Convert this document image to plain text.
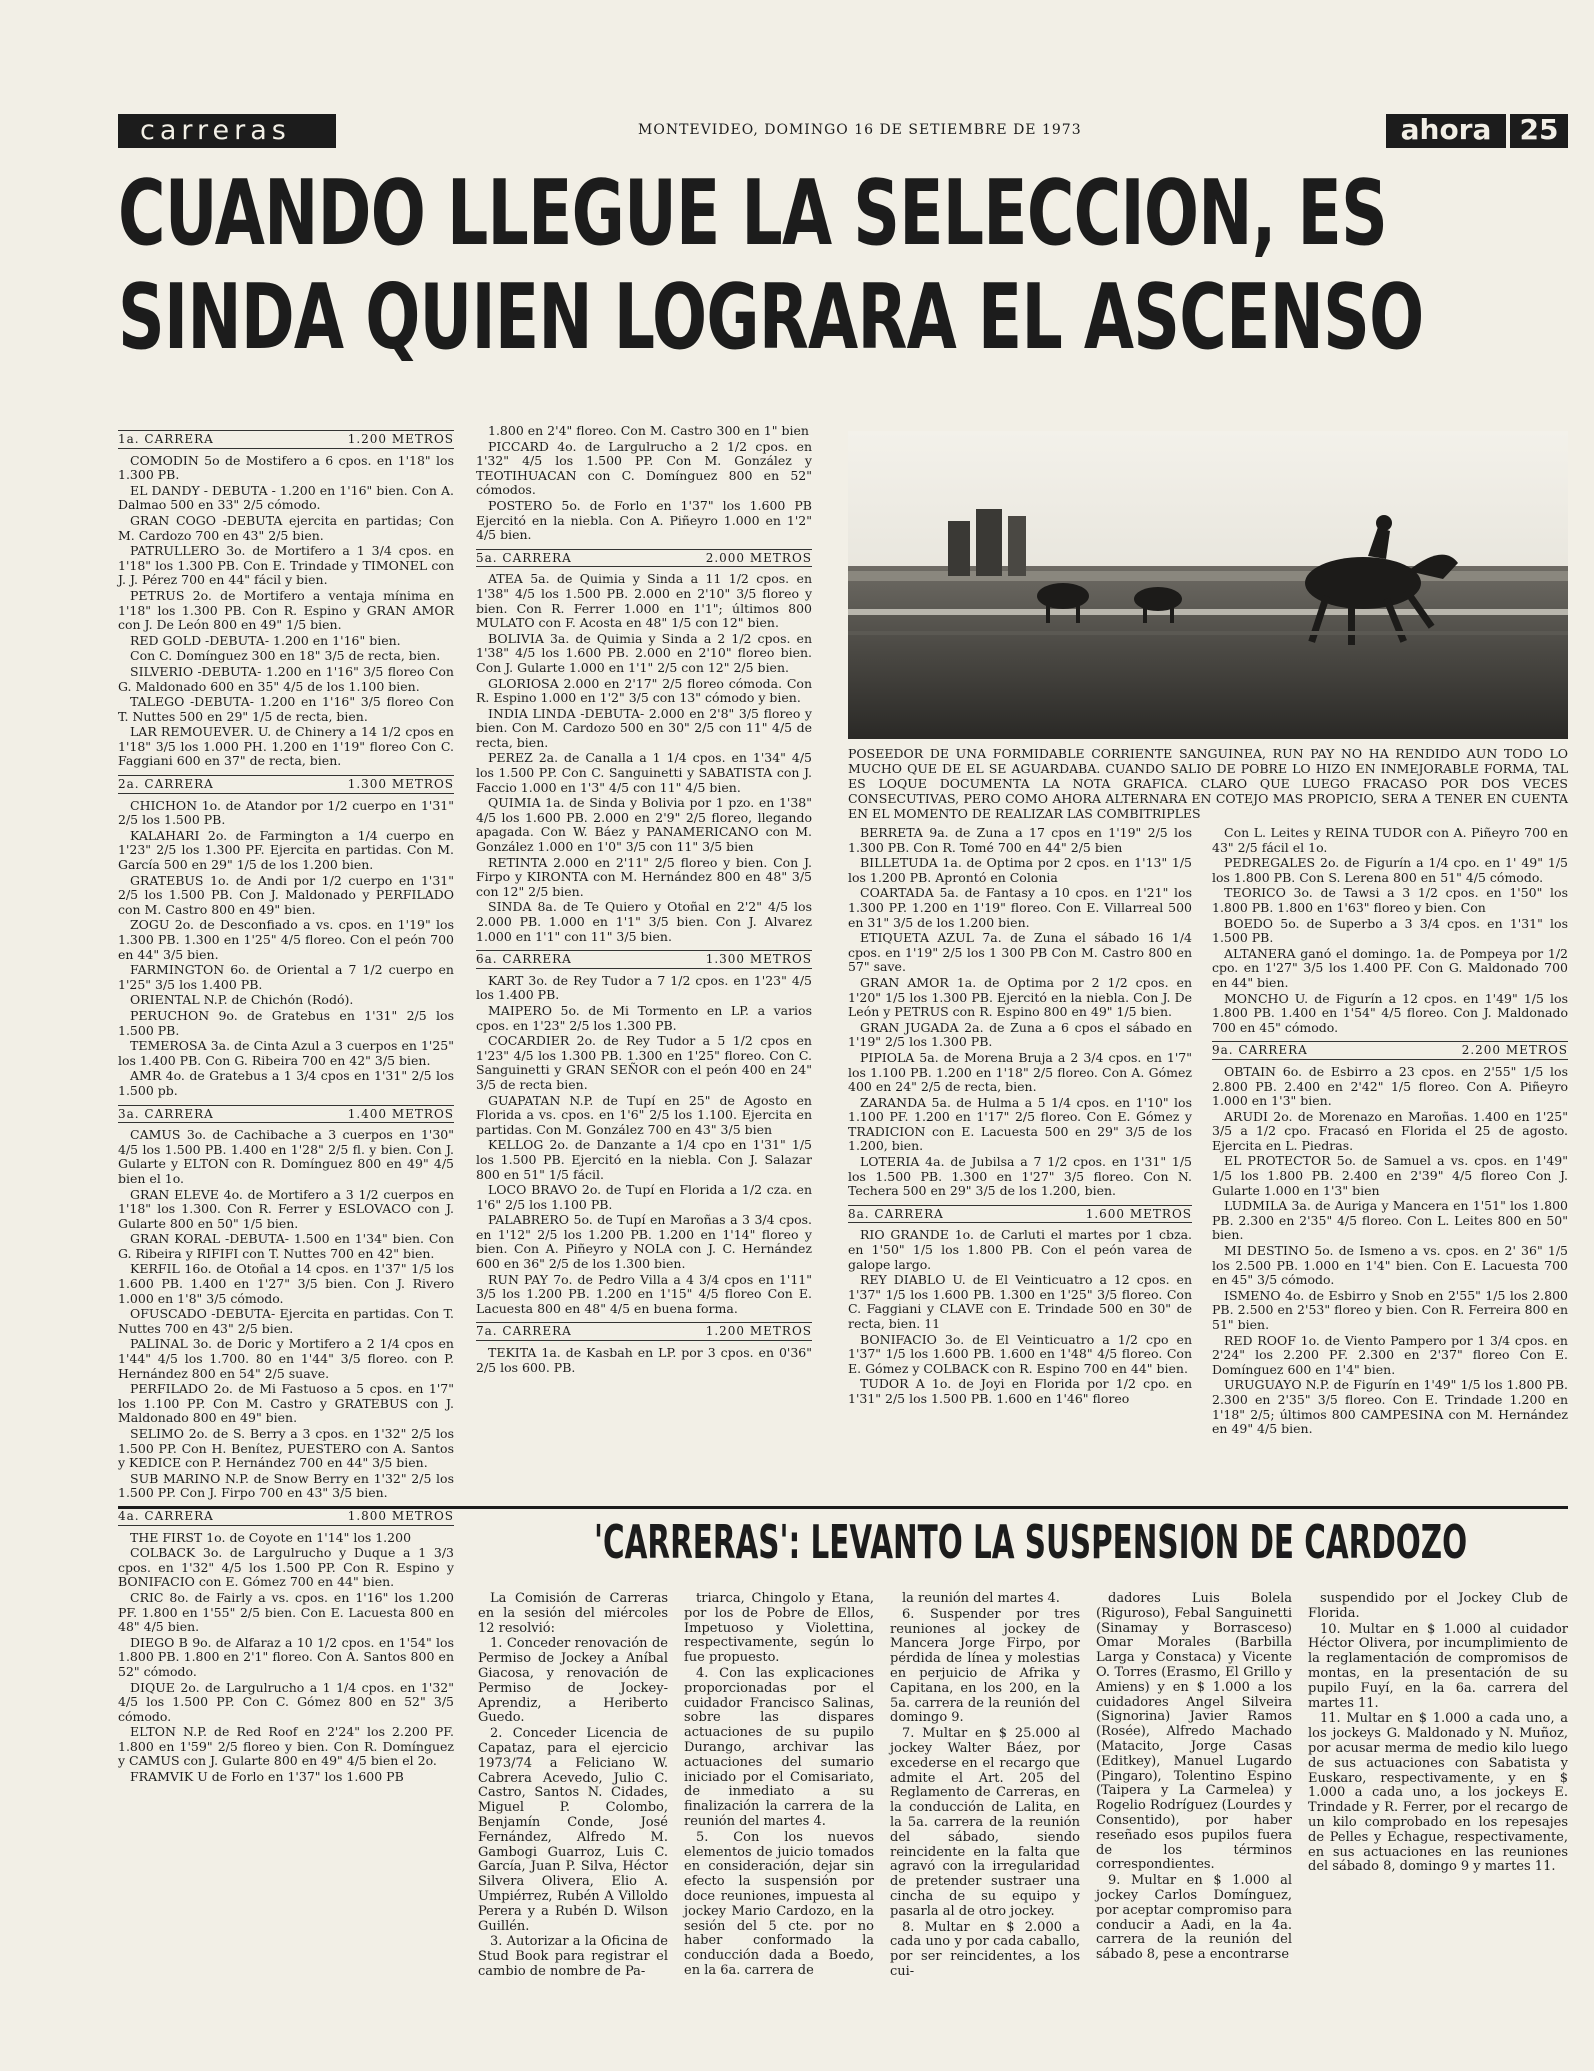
carreras	MONTEVIDEO, DOMINGO 16 DE SETIEMBRE DE 1973	ahora	25
CUANDO LLEGUE LA SELECCION, ES
SINDA QUIEN LOGRARA EL ASCENSO
1a. CARRERA	1.200 METROS

COMODIN 5o de Mostifero a 6 cpos. en 1'18" los 1.300 PB.

EL DANDY - DEBUTA - 1.200 en 1'16" bien. Con A. Dalmao 500 en 33" 2/5 cómodo.

GRAN COGO -DEBUTA ejercita en partidas; Con M. Cardozo 700 en 43" 2/5 bien.

PATRULLERO 3o. de Mortifero a 1 3/4 cpos. en 1'18" los 1.300 PB. Con E. Trindade y TIMONEL con J. J. Pérez 700 en 44" fácil y bien.

PETRUS 2o. de Mortifero a ventaja mínima en 1'18" los 1.300 PB. Con R. Espino y GRAN AMOR con J. De León 800 en 49" 1/5 bien.

RED GOLD -DEBUTA- 1.200 en 1'16" bien.

Con C. Domínguez 300 en 18" 3/5 de recta, bien.

SILVERIO -DEBUTA- 1.200 en 1'16" 3/5 floreo Con G. Maldonado 600 en 35" 4/5 de los 1.100 bien.

TALEGO -DEBUTA- 1.200 en 1'16" 3/5 floreo Con T. Nuttes 500 en 29" 1/5 de recta, bien.

LAR REMOUEVER. U. de Chinery a 14 1/2 cpos en 1'18" 3/5 los 1.000 PH. 1.200 en 1'19" floreo Con C. Faggiani 600 en 37" de recta, bien.

2a. CARRERA	1.300 METROS

CHICHON 1o. de Atandor por 1/2 cuerpo en 1'31" 2/5 los 1.500 PB.

KALAHARI 2o. de Farmington a 1/4 cuerpo en 1'23" 2/5 los 1.300 PF. Ejercita en partidas. Con M. García 500 en 29" 1/5 de los 1.200 bien.

GRATEBUS 1o. de Andi por 1/2 cuerpo en 1'31" 2/5 los 1.500 PB. Con J. Maldonado y PERFILADO con M. Castro 800 en 49" bien.

ZOGU 2o. de Desconfiado a vs. cpos. en 1'19" los 1.300 PB. 1.300 en 1'25" 4/5 floreo. Con el peón 700 en 44" 3/5 bien.

FARMINGTON 6o. de Oriental a 7 1/2 cuerpo en 1'25" 3/5 los 1.400 PB.

ORIENTAL N.P. de Chichón (Rodó).

PERUCHON 9o. de Gratebus en 1'31" 2/5 los 1.500 PB.

TEMEROSA 3a. de Cinta Azul a 3 cuerpos en 1'25" los 1.400 PB. Con G. Ribeira 700 en 42" 3/5 bien.

AMR 4o. de Gratebus a 1 3/4 cpos en 1'31" 2/5 los 1.500 pb.

3a. CARRERA	1.400 METROS

CAMUS 3o. de Cachibache a 3 cuerpos en 1'30" 4/5 los 1.500 PB. 1.400 en 1'28" 2/5 fl. y bien. Con J. Gularte y ELTON con R. Domínguez 800 en 49" 4/5 bien el 1o.

GRAN ELEVE 4o. de Mortifero a 3 1/2 cuerpos en 1'18" los 1.300. Con R. Ferrer y ESLOVACO con J. Gularte 800 en 50" 1/5 bien.

GRAN KORAL -DEBUTA- 1.500 en 1'34" bien. Con G. Ribeira y RIFIFI con T. Nuttes 700 en 42" bien.

KERFIL 16o. de Otoñal a 14 cpos. en 1'37" 1/5 los 1.600 PB. 1.400 en 1'27" 3/5 bien. Con J. Rivero 1.000 en 1'8" 3/5 cómodo.

OFUSCADO -DEBUTA- Ejercita en partidas. Con T. Nuttes 700 en 43" 2/5 bien.

PALINAL 3o. de Doric y Mortifero a 2 1/4 cpos en 1'44" 4/5 los 1.700. 80 en 1'44" 3/5 floreo. con P. Hernández 800 en 54" 2/5 suave.

PERFILADO 2o. de Mi Fastuoso a 5 cpos. en 1'7" los 1.100 PP. Con M. Castro y GRATEBUS con J. Maldonado 800 en 49" bien.

SELIMO 2o. de S. Berry a 3 cpos. en 1'32" 2/5 los 1.500 PP. Con H. Benítez, PUESTERO con A. Santos y KEDICE con P. Hernández 700 en 44" 3/5 bien.

SUB MARINO N.P. de Snow Berry en 1'32" 2/5 los 1.500 PP. Con J. Firpo 700 en 43" 3/5 bien.

4a. CARRERA	1.800 METROS

THE FIRST 1o. de Coyote en 1'14" los 1.200

COLBACK 3o. de Largulrucho y Duque a 1 3/3 cpos. en 1'32" 4/5 los 1.500 PP. Con R. Espino y BONIFACIO con E. Gómez 700 en 44" bien.

CRIC 8o. de Fairly a vs. cpos. en 1'16" los 1.200 PF. 1.800 en 1'55" 2/5 bien. Con E. Lacuesta 800 en 48" 4/5 bien.

DIEGO B 9o. de Alfaraz a 10 1/2 cpos. en 1'54" los 1.800 PB. 1.800 en 2'1" floreo. Con A. Santos 800 en 52" cómodo.

DIQUE 2o. de Largulrucho a 1 1/4 cpos. en 1'32" 4/5 los 1.500 PP. Con C. Gómez 800 en 52" 3/5 cómodo.

ELTON N.P. de Red Roof en 2'24" los 2.200 PF. 1.800 en 1'59" 2/5 floreo y bien. Con R. Domínguez y CAMUS con J. Gularte 800 en 49" 4/5 bien el 2o.

FRAMVIK U de Forlo en 1'37" los 1.600 PB

1.800 en 2'4" floreo. Con M. Castro 300 en 1" bien

PICCARD 4o. de Largulrucho a 2 1/2 cpos. en 1'32" 4/5 los 1.500 PP. Con M. González y TEOTIHUACAN con C. Domínguez 800 en 52" cómodos.

POSTERO 5o. de Forlo en 1'37" los 1.600 PB Ejercitó en la niebla. Con A. Piñeyro 1.000 en 1'2" 4/5 bien.

5a. CARRERA	2.000 METROS

ATEA 5a. de Quimia y Sinda a 11 1/2 cpos. en 1'38" 4/5 los 1.500 PB. 2.000 en 2'10" 3/5 floreo y bien. Con R. Ferrer 1.000 en 1'1"; últimos 800 MULATO con F. Acosta en 48" 1/5 con 12" bien.

BOLIVIA 3a. de Quimia y Sinda a 2 1/2 cpos. en 1'38" 4/5 los 1.600 PB. 2.000 en 2'10" floreo bien. Con J. Gularte 1.000 en 1'1" 2/5 con 12" 2/5 bien.

GLORIOSA 2.000 en 2'17" 2/5 floreo cómoda. Con R. Espino 1.000 en 1'2" 3/5 con 13" cómodo y bien.

INDIA LINDA -DEBUTA- 2.000 en 2'8" 3/5 floreo y bien. Con M. Cardozo 500 en 30" 2/5 con 11" 4/5 de recta, bien.

PEREZ 2a. de Canalla a 1 1/4 cpos. en 1'34" 4/5 los 1.500 PP. Con C. Sanguinetti y SABATISTA con J. Faccio 1.000 en 1'3" 4/5 con 11" 4/5 bien.

QUIMIA 1a. de Sinda y Bolivia por 1 pzo. en 1'38" 4/5 los 1.600 PB. 2.000 en 2'9" 2/5 floreo, llegando apagada. Con W. Báez y PANAMERICANO con M. González 1.000 en 1'0" 3/5 con 11" 3/5 bien

RETINTA 2.000 en 2'11" 2/5 floreo y bien. Con J. Firpo y KIRONTA con M. Hernández 800 en 48" 3/5 con 12" 2/5 bien.

SINDA 8a. de Te Quiero y Otoñal en 2'2" 4/5 los 2.000 PB. 1.000 en 1'1" 3/5 bien. Con J. Alvarez 1.000 en 1'1" con 11" 3/5 bien.

6a. CARRERA	1.300 METROS

KART 3o. de Rey Tudor a 7 1/2 cpos. en 1'23" 4/5 los 1.400 PB.

MAIPERO 5o. de Mi Tormento en LP. a varios cpos. en 1'23" 2/5 los 1.300 PB.

COCARDIER 2o. de Rey Tudor a 5 1/2 cpos en 1'23" 4/5 los 1.300 PB. 1.300 en 1'25" floreo. Con C. Sanguinetti y GRAN SEÑOR con el peón 400 en 24" 3/5 de recta bien.

GUAPATAN N.P. de Tupí en 25" de Agosto en Florida a vs. cpos. en 1'6" 2/5 los 1.100. Ejercita en partidas. Con M. González 700 en 43" 3/5 bien

KELLOG 2o. de Danzante a 1/4 cpo en 1'31" 1/5 los 1.500 PB. Ejercitó en la niebla. Con J. Salazar 800 en 51" 1/5 fácil.

LOCO BRAVO 2o. de Tupí en Florida a 1/2 cza. en 1'6" 2/5 los 1.100 PB.

PALABRERO 5o. de Tupí en Maroñas a 3 3/4 cpos. en 1'12" 2/5 los 1.200 PB. 1.200 en 1'14" floreo y bien. Con A. Piñeyro y NOLA con J. C. Hernández 600 en 36" 2/5 de los 1.300 bien.

RUN PAY 7o. de Pedro Villa a 4 3/4 cpos en 1'11" 3/5 los 1.200 PB. 1.200 en 1'15" 4/5 floreo Con E. Lacuesta 800 en 48" 4/5 en buena forma.

7a. CARRERA	1.200 METROS

TEKITA 1a. de Kasbah en LP. por 3 cpos. en 0'36" 2/5 los 600. PB.

POSEEDOR DE UNA FORMIDABLE CORRIENTE SANGUINEA, RUN PAY NO HA RENDIDO AUN TODO LO MUCHO QUE DE EL SE AGUARDABA. CUANDO SALIO DE POBRE LO HIZO EN INMEJORABLE FORMA, TAL ES LOQUE DOCUMENTA LA NOTA GRAFICA. CLARO QUE LUEGO FRACASO POR DOS VECES CONSECUTIVAS, PERO COMO AHORA ALTERNARA EN COTEJO MAS PROPICIO, SERA A TENER EN CUENTA EN EL MOMENTO DE REALIZAR LAS COMBITRIPLES

BERRETA 9a. de Zuna a 17 cpos en 1'19" 2/5 los 1.300 PB. Con R. Tomé 700 en 44" 2/5 bien

BILLETUDA 1a. de Optima por 2 cpos. en 1'13" 1/5 los 1.200 PB. Aprontó en Colonia

COARTADA 5a. de Fantasy a 10 cpos. en 1'21" los 1.300 PP. 1.200 en 1'19" floreo. Con E. Villarreal 500 en 31" 3/5 de los 1.200 bien.

ETIQUETA AZUL 7a. de Zuna el sábado 16 1/4 cpos. en 1'19" 2/5 los 1 300 PB Con M. Castro 800 en 57" save.

GRAN AMOR 1a. de Optima por 2 1/2 cpos. en 1'20" 1/5 los 1.300 PB. Ejercitó en la niebla. Con J. De León y PETRUS con R. Espino 800 en 49" 1/5 bien.

GRAN JUGADA 2a. de Zuna a 6 cpos el sábado en 1'19" 2/5 los 1.300 PB.

PIPIOLA 5a. de Morena Bruja a 2 3/4 cpos. en 1'7" los 1.100 PB. 1.200 en 1'18" 2/5 floreo. Con A. Gómez 400 en 24" 2/5 de recta, bien.

ZARANDA 5a. de Hulma a 5 1/4 cpos. en 1'10" los 1.100 PF. 1.200 en 1'17" 2/5 floreo. Con E. Gómez y TRADICION con E. Lacuesta 500 en 29" 3/5 de los 1.200, bien.

LOTERIA 4a. de Jubilsa a 7 1/2 cpos. en 1'31" 1/5 los 1.500 PB. 1.300 en 1'27" 3/5 floreo. Con N. Techera 500 en 29" 3/5 de los 1.200, bien.

8a. CARRERA	1.600 METROS

RIO GRANDE 1o. de Carluti el martes por 1 cbza. en 1'50" 1/5 los 1.800 PB. Con el peón varea de galope largo.

REY DIABLO U. de El Veinticuatro a 12 cpos. en 1'37" 1/5 los 1.600 PB. 1.300 en 1'25" 3/5 floreo. Con C. Faggiani y CLAVE con E. Trindade 500 en 30" de recta, bien. 11

BONIFACIO 3o. de El Veinticuatro a 1/2 cpo en 1'37" 1/5 los 1.600 PB. 1.600 en 1'48" 4/5 floreo. Con E. Gómez y COLBACK con R. Espino 700 en 44" bien.

TUDOR A 1o. de Joyi en Florida por 1/2 cpo. en 1'31" 2/5 los 1.500 PB. 1.600 en 1'46" floreo

Con L. Leites y REINA TUDOR con A. Piñeyro 700 en 43" 2/5 fácil el 1o.

PEDREGALES 2o. de Figurín a 1/4 cpo. en 1' 49" 1/5 los 1.800 PB. Con S. Lerena 800 en 51" 4/5 cómodo.

TEORICO 3o. de Tawsi a 3 1/2 cpos. en 1'50" los 1.800 PB. 1.800 en 1'63" floreo y bien. Con

BOEDO 5o. de Superbo a 3 3/4 cpos. en 1'31" los 1.500 PB.

ALTANERA ganó el domingo. 1a. de Pompeya por 1/2 cpo. en 1'27" 3/5 los 1.400 PF. Con G. Maldonado 700 en 44" bien.

MONCHO U. de Figurín a 12 cpos. en 1'49" 1/5 los 1.800 PB. 1.400 en 1'54" 4/5 floreo. Con J. Maldonado 700 en 45" cómodo.

9a. CARRERA	2.200 METROS

OBTAIN 6o. de Esbirro a 23 cpos. en 2'55" 1/5 los 2.800 PB. 2.400 en 2'42" 1/5 floreo. Con A. Piñeyro 1.000 en 1'3" bien.

ARUDI 2o. de Morenazo en Maroñas. 1.400 en 1'25" 3/5 a 1/2 cpo. Fracasó en Florida el 25 de agosto. Ejercita en L. Piedras.

EL PROTECTOR 5o. de Samuel a vs. cpos. en 1'49" 1/5 los 1.800 PB. 2.400 en 2'39" 4/5 floreo Con J. Gularte 1.000 en 1'3" bien

LUDMILA 3a. de Auriga y Mancera en 1'51" los 1.800 PB. 2.300 en 2'35" 4/5 floreo. Con L. Leites 800 en 50" bien.

MI DESTINO 5o. de Ismeno a vs. cpos. en 2' 36" 1/5 los 2.500 PB. 1.000 en 1'4" bien. Con E. Lacuesta 700 en 45" 3/5 cómodo.

ISMENO 4o. de Esbirro y Snob en 2'55" 1/5 los 2.800 PB. 2.500 en 2'53" floreo y bien. Con R. Ferreira 800 en 51" bien.

RED ROOF 1o. de Viento Pampero por 1 3/4 cpos. en 2'24" los 2.200 PF. 2.300 en 2'37" floreo Con E. Domínguez 600 en 1'4" bien.

URUGUAYO N.P. de Figurín en 1'49" 1/5 los 1.800 PB. 2.300 en 2'35" 3/5 floreo. Con E. Trindade 1.200 en 1'18" 2/5; últimos 800 CAMPESINA con M. Hernández en 49" 4/5 bien.

'CARRERAS': LEVANTO LA SUSPENSION DE CARDOZO

La Comisión de Carreras en la sesión del miércoles 12 resolvió:

1. Conceder renovación de Permiso de Jockey a Aníbal Giacosa, y renovación de Permiso de Jockey- Aprendiz, a Heriberto Guedo.

2. Conceder Licencia de Capataz, para el ejercicio 1973/74 a Feliciano W. Cabrera Acevedo, Julio C. Castro, Santos N. Cidades, Miguel P. Colombo, Benjamín Conde, José Fernández, Alfredo M. Gambogi Guarroz, Luis C. García, Juan P. Silva, Héctor Silvera Olivera, Elio A. Umpiérrez, Rubén A Villoldo Perera y a Rubén D. Wilson Guillén.

3. Autorizar a la Oficina de Stud Book para registrar el cambio de nombre de Pa-

triarca, Chingolo y Etana, por los de Pobre de Ellos, Impetuoso y Violettina, respectivamente, según lo fue propuesto.

4. Con las explicaciones proporcionadas por el cuidador Francisco Salinas, sobre las dispares actuaciones de su pupilo Durango, archivar las actuaciones del sumario iniciado por el Comisariato, de inmediato a su finalización la carrera de la reunión del martes 4.

5. Con los nuevos elementos de juicio tomados en consideración, dejar sin efecto la suspensión por doce reuniones, impuesta al jockey Mario Cardozo, en la sesión del 5 cte. por no haber conformado la conducción dada a Boedo, en la 6a. carrera de

la reunión del martes 4.

6. Suspender por tres reuniones al jockey de Mancera Jorge Firpo, por pérdida de línea y molestias en perjuicio de Afrika y Capitana, en los 200, en la 5a. carrera de la reunión del domingo 9.

7. Multar en $ 25.000 al jockey Walter Báez, por excederse en el recargo que admite el Art. 205 del Reglamento de Carreras, en la conducción de Lalita, en la 5a. carrera de la reunión del sábado, siendo reincidente en la falta que agravó con la irregularidad de pretender sustraer una cincha de su equipo y pasarla al de otro jockey.

8. Multar en $ 2.000 a cada uno y por cada caballo, por ser reincidentes, a los cui-

dadores Luis Bolela (Riguroso), Febal Sanguinetti (Sinamay y Borrasceso) Omar Morales (Barbilla Larga y Constaca) y Vicente O. Torres (Erasmo, El Grillo y Amiens) y en $ 1.000 a los cuidadores Angel Silveira (Signorina) Javier Ramos (Rosée), Alfredo Machado (Matacito, Jorge Casas (Editkey), Manuel Lugardo (Pingaro), Tolentino Espino (Taipera y La Carmelea) y Rogelio Rodríguez (Lourdes y Consentido), por haber reseñado esos pupilos fuera de los términos correspondientes.

9. Multar en $ 1.000 al jockey Carlos Domínguez, por aceptar compromiso para conducir a Aadi, en la 4a. carrera de la reunión del sábado 8, pese a encontrarse

suspendido por el Jockey Club de Florida.

10. Multar en $ 1.000 al cuidador Héctor Olivera, por incumplimiento de la reglamentación de compromisos de montas, en la presentación de su pupilo Fuyí, en la 6a. carrera del martes 11.

11. Multar en $ 1.000 a cada uno, a los jockeys G. Maldonado y N. Muñoz, por acusar merma de medio kilo luego de sus actuaciones con Sabatista y Euskaro, respectivamente, y en $ 1.000 a cada uno, a los jockeys E. Trindade y R. Ferrer, por el recargo de un kilo comprobado en los repesajes de Pelles y Echague, respectivamente, en sus actuaciones en las reuniones del sábado 8, domingo 9 y martes 11.
